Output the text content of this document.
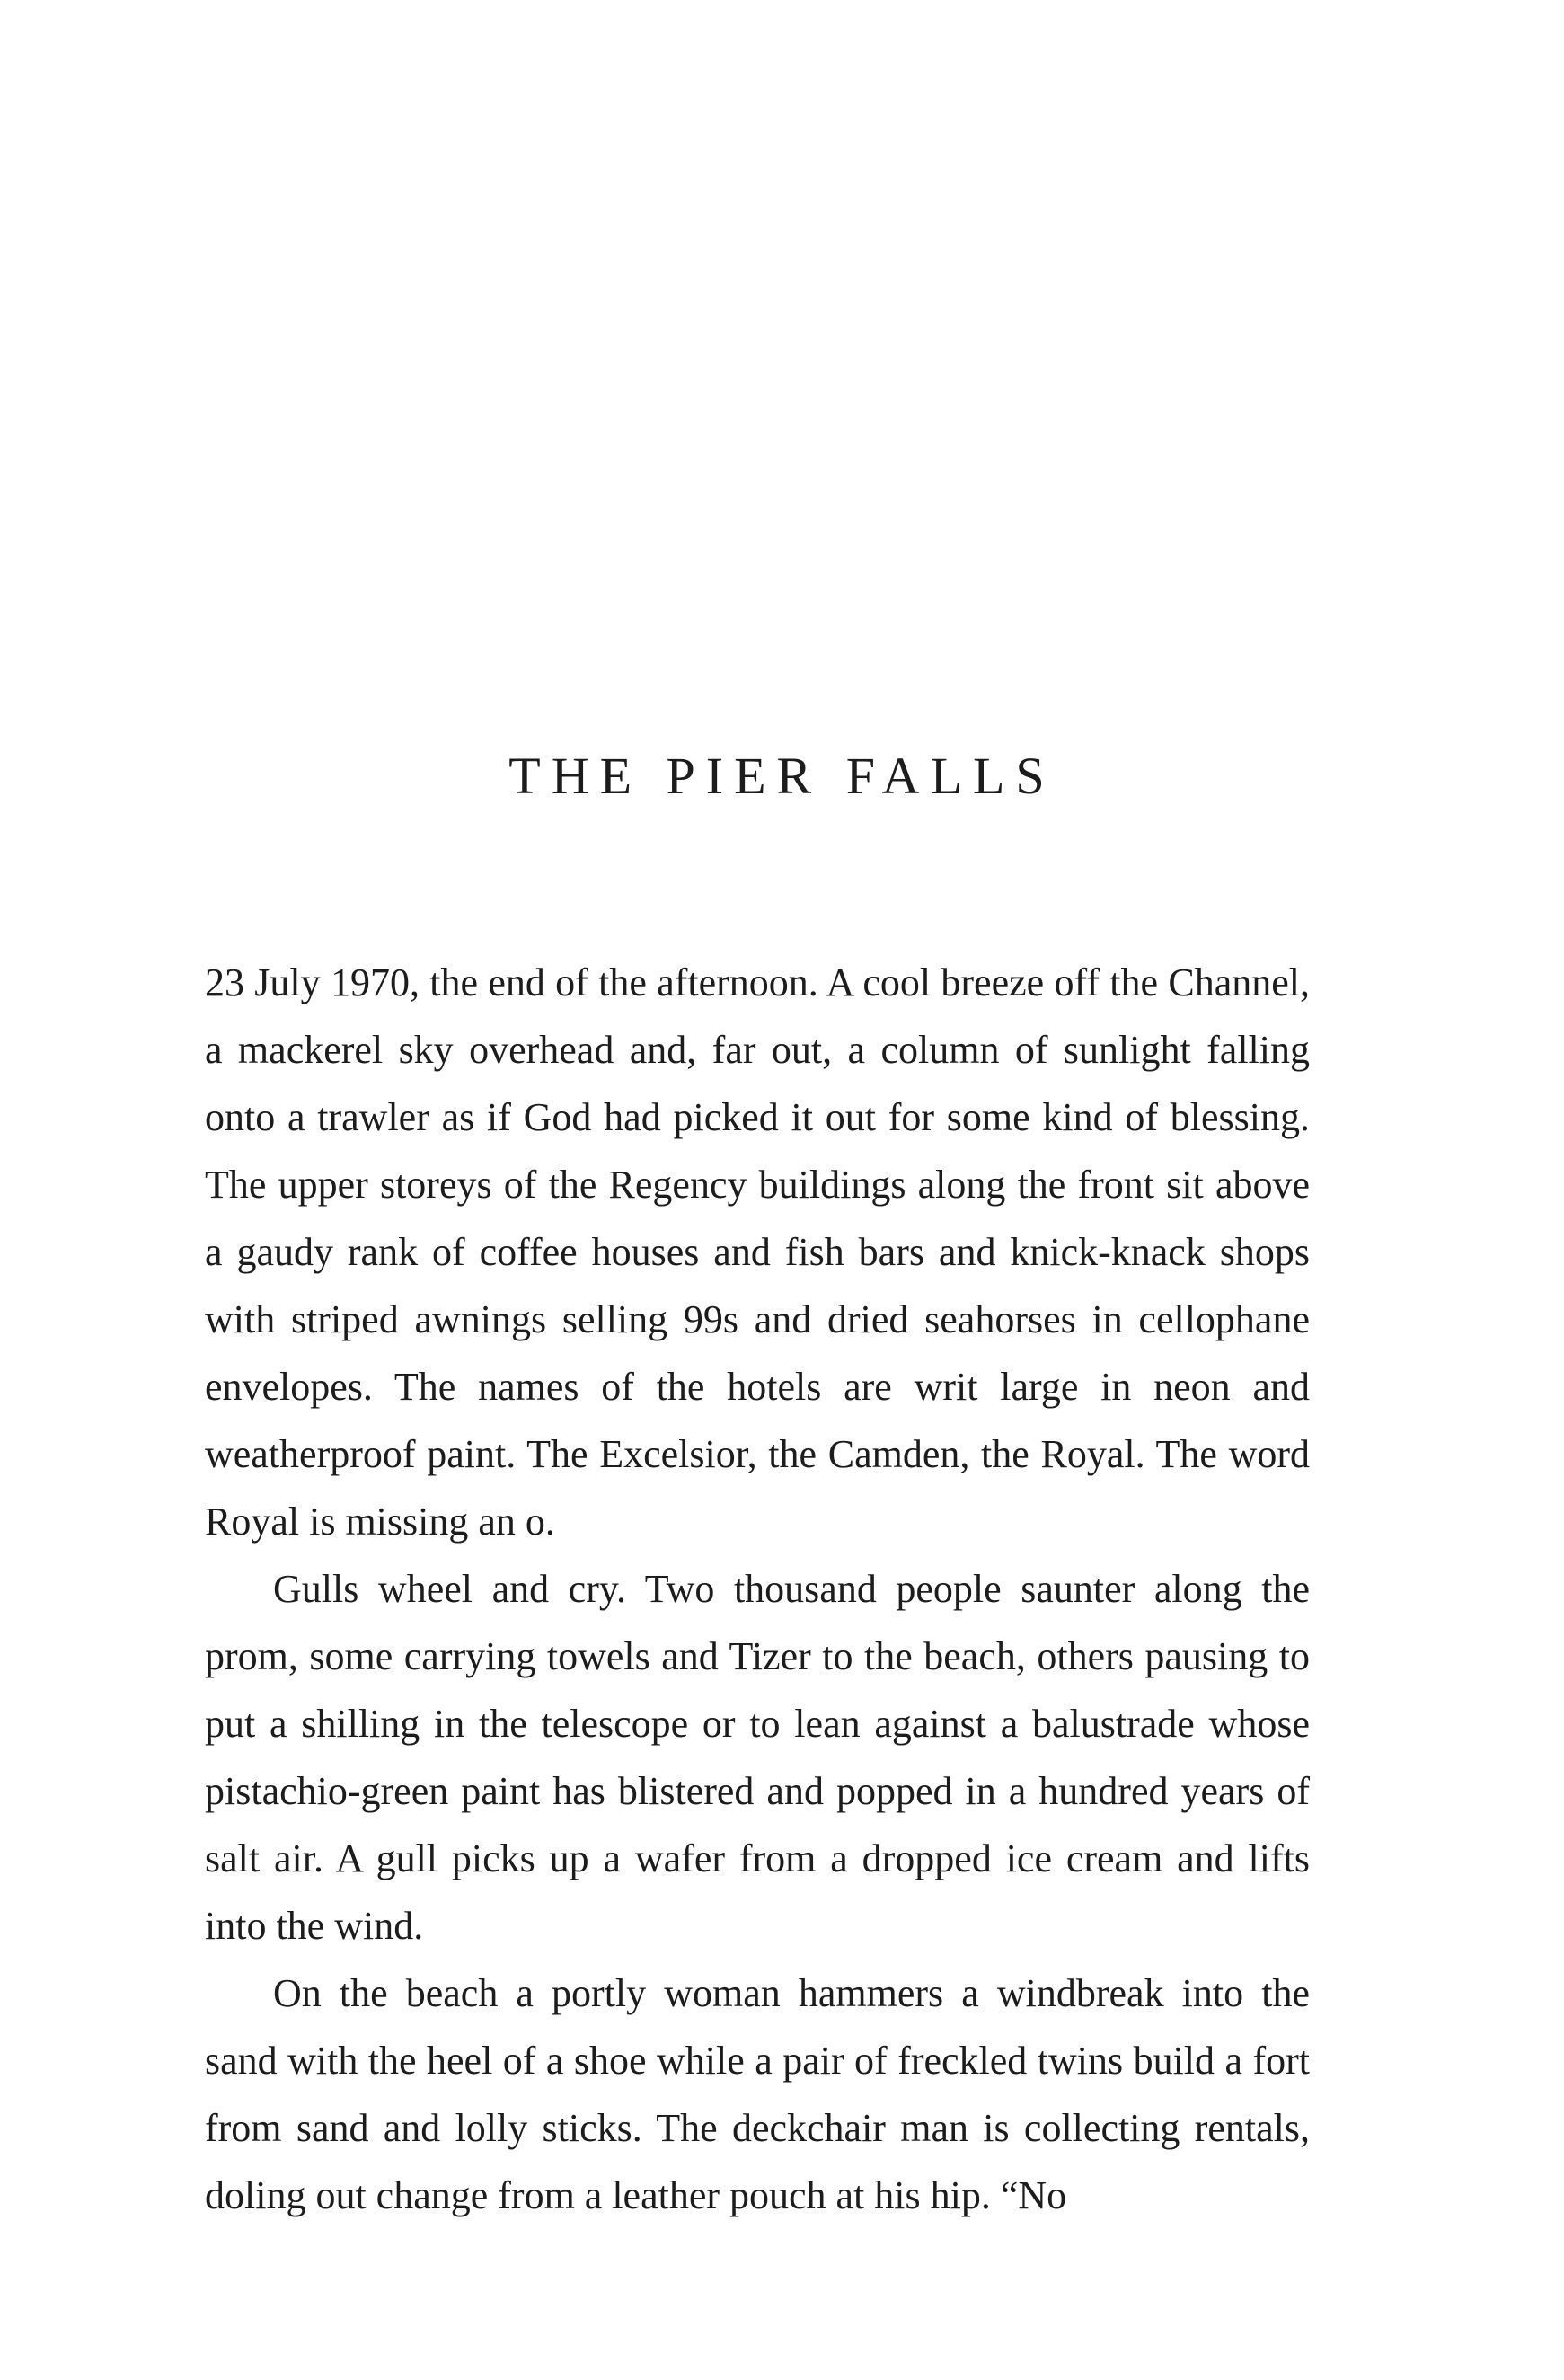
THE PIER FALLS

23 July 1970, the end of the afternoon. A cool breeze off the Channel, a mackerel sky overhead and, far out, a column of sunlight falling onto a trawler as if God had picked it out for some kind of blessing. The upper storeys of the Regency buildings along the front sit above a gaudy rank of coffee houses and fish bars and knick-knack shops with striped awnings selling 99s and dried seahorses in cellophane envelopes. The names of the hotels are writ large in neon and weatherproof paint. The Excelsior, the Camden, the Royal. The word Royal is missing an o.

Gulls wheel and cry. Two thousand people saunter along the prom, some carrying towels and Tizer to the beach, others pausing to put a shilling in the telescope or to lean against a balustrade whose pistachio-green paint has blistered and popped in a hundred years of salt air. A gull picks up a wafer from a dropped ice cream and lifts into the wind.

On the beach a portly woman hammers a windbreak into the sand with the heel of a shoe while a pair of freckled twins build a fort from sand and lolly sticks. The deckchair man is collecting rentals, doling out change from a leather pouch at his hip. “No
